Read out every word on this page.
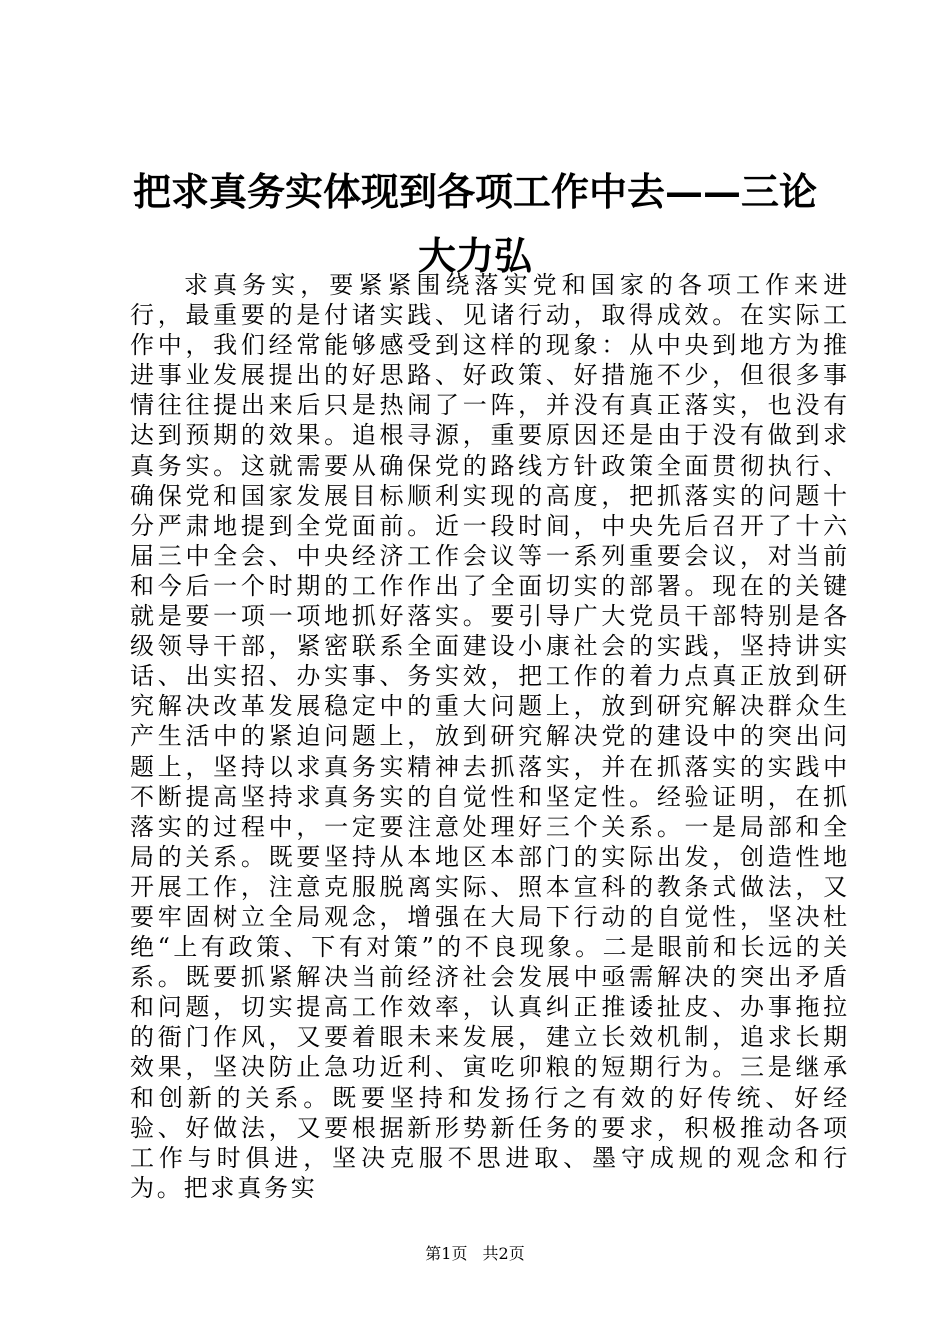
把求真务实体现到各项工作中去——三论大力弘

求真务实，要紧紧围绕落实党和国家的各项工作来进行，最重要的是付诸实践、见诸行动，取得成效。在实际工作中，我们经常能够感受到这样的现象：从中央到地方为推进事业发展提出的好思路、好政策、好措施不少，但很多事情往往提出来后只是热闹了一阵，并没有真正落实，也没有达到预期的效果。追根寻源，重要原因还是由于没有做到求真务实。这就需要从确保党的路线方针政策全面贯彻执行、确保党和国家发展目标顺利实现的高度，把抓落实的问题十分严肃地提到全党面前。近一段时间，中央先后召开了十六届三中全会、中央经济工作会议等一系列重要会议，对当前和今后一个时期的工作作出了全面切实的部署。现在的关键就是要一项一项地抓好落实。要引导广大党员干部特别是各级领导干部，紧密联系全面建设小康社会的实践，坚持讲实话、出实招、办实事、务实效，把工作的着力点真正放到研究解决改革发展稳定中的重大问题上，放到研究解决群众生产生活中的紧迫问题上，放到研究解决党的建设中的突出问题上，坚持以求真务实精神去抓落实，并在抓落实的实践中不断提高坚持求真务实的自觉性和坚定性。经验证明，在抓落实的过程中，一定要注意处理好三个关系。一是局部和全局的关系。既要坚持从本地区本部门的实际出发，创造性地开展工作，注意克服脱离实际、照本宣科的教条式做法，又要牢固树立全局观念，增强在大局下行动的自觉性，坚决杜绝“上有政策、下有对策”的不良现象。二是眼前和长远的关系。既要抓紧解决当前经济社会发展中亟需解决的突出矛盾和问题，切实提高工作效率，认真纠正推诿扯皮、办事拖拉的衙门作风，又要着眼未来发展，建立长效机制，追求长期效果，坚决防止急功近利、寅吃卯粮的短期行为。三是继承和创新的关系。既要坚持和发扬行之有效的好传统、好经验、好做法，又要根据新形势新任务的要求，积极推动各项工作与时俱进，坚决克服不思进取、墨守成规的观念和行为。把求真务实

第1页 共2页
